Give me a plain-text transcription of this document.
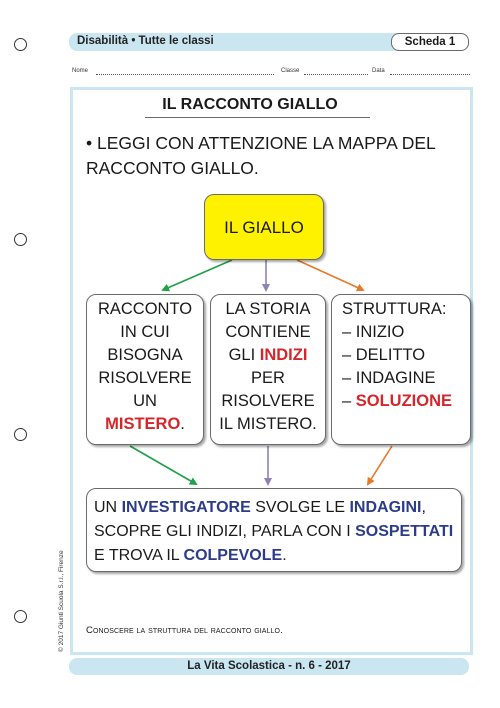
Disabilità • Tutte le classi	Scheda 1
Nome	Classe	Data
IL RACCONTO GIALLO
• LEGGI CON ATTENZIONE LA MAPPA DEL RACCONTO GIALLO.
IL GIALLO
RACCONTO
IN CUI
BISOGNA
RISOLVERE
UN
MISTERO.
LA STORIA
CONTIENE
GLI INDIZI
PER
RISOLVERE
IL MISTERO.
STRUTTURA:
– INIZIO
– DELITTO
– INDAGINE
– SOLUZIONE
UN INVESTIGATORE SVOLGE LE INDAGINI,
SCOPRE GLI INDIZI, PARLA CON I SOSPETTATI
E TROVA IL COLPEVOLE.
Conoscere la struttura del racconto giallo.
© 2017 Giunti Scuola S.r.l., Firenze
La Vita Scolastica - n. 6 - 2017
